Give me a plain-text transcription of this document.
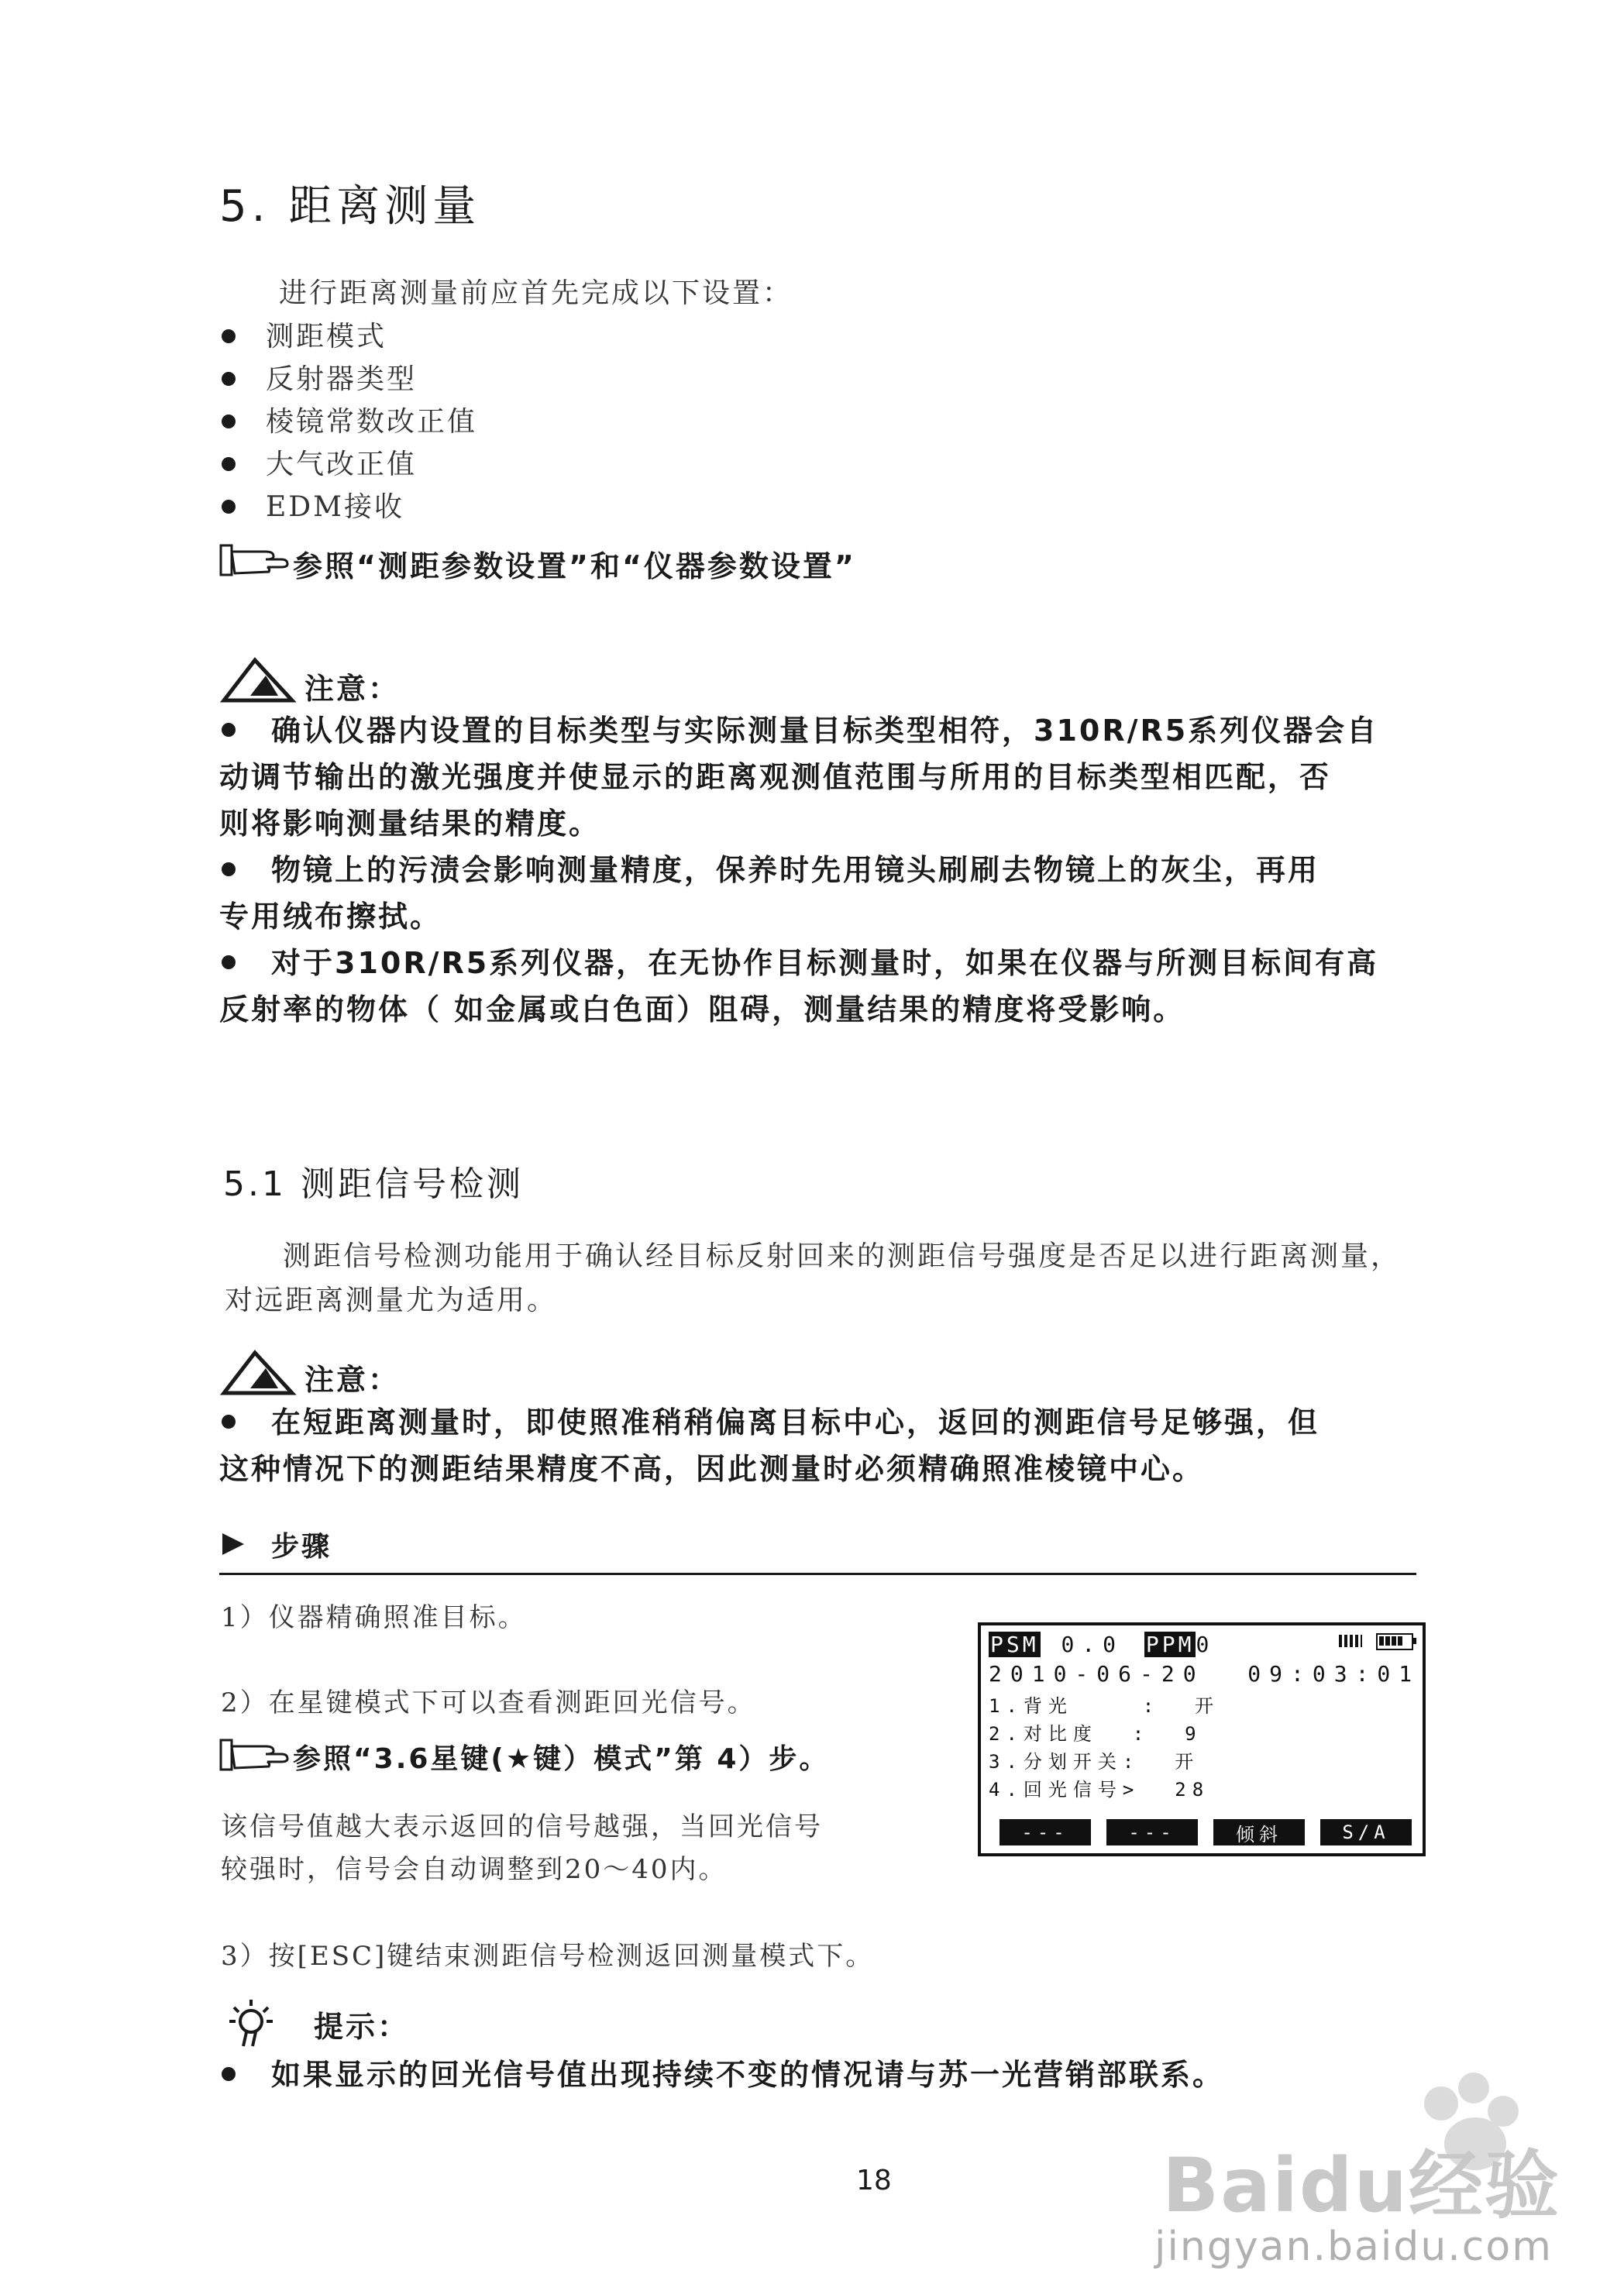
5. 距离测量
进行距离测量前应首先完成以下设置：
测距模式
反射器类型
棱镜常数改正值
大气改正值
EDM接收
参照“测距参数设置”和“仪器参数设置”
注意：
确认仪器内设置的目标类型与实际测量目标类型相符，310R/R5系列仪器会自
动调节输出的激光强度并使显示的距离观测值范围与所用的目标类型相匹配，否
则将影响测量结果的精度。
物镜上的污渍会影响测量精度，保养时先用镜头刷刷去物镜上的灰尘，再用
专用绒布擦拭。
对于310R/R5系列仪器，在无协作目标测量时，如果在仪器与所测目标间有高
反射率的物体（ 如金属或白色面）阻碍，测量结果的精度将受影响。
5.1 测距信号检测
测距信号检测功能用于确认经目标反射回来的测距信号强度是否足以进行距离测量，
对远距离测量尤为适用。
注意：
在短距离测量时，即使照准稍稍偏离目标中心，返回的测距信号足够强，但
这种情况下的测距结果精度不高，因此测量时必须精确照准棱镜中心。
步骤
1）仪器精确照准目标。
2）在星键模式下可以查看测距回光信号。
参照“3.6星键(★键）模式”第 4）步。
该信号值越大表示返回的信号越强，当回光信号
较强时，信号会自动调整到20～40内。
3）按[ESC]键结束测距信号检测返回测量模式下。
PSM 0.0 PPM0
2010-06-20  09:03:01
1.背光    :  开
2.对比度  :  9
3.分划开关:  开
4.回光信号>  28
---	---	倾斜	S/A
提示：
如果显示的回光信号值出现持续不变的情况请与苏一光营销部联系。
18	Baidu经验
jingyan.baidu.com
